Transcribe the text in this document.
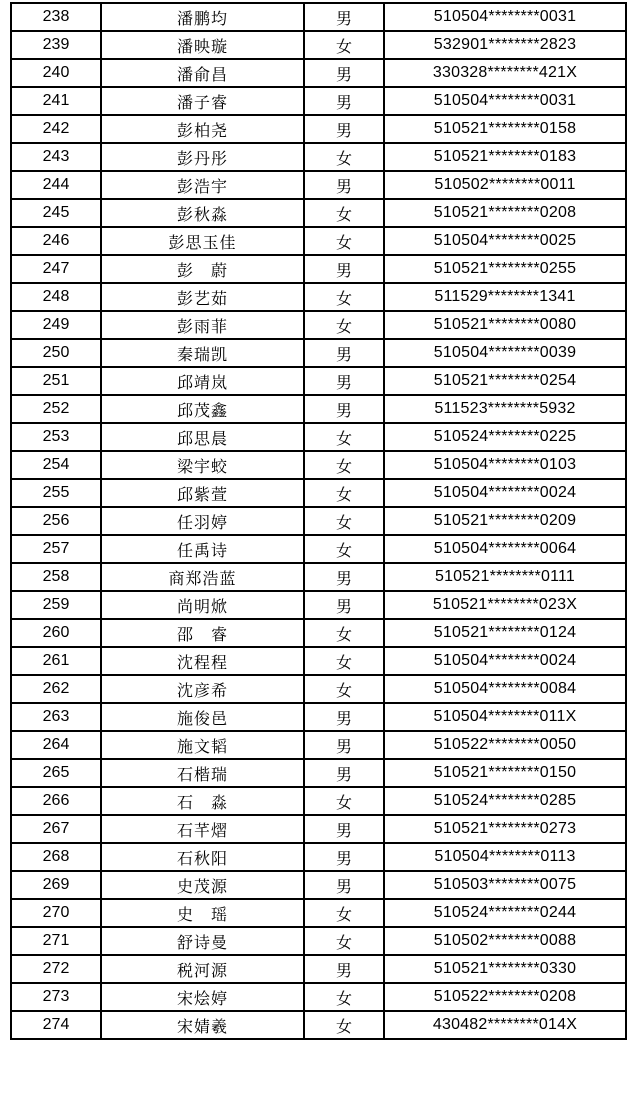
238	潘鹏均	男	510504********0031
239	潘映璇	女	532901********2823
240	潘俞昌	男	330328********421X
241	潘子睿	男	510504********0031
242	彭柏尧	男	510521********0158
243	彭丹彤	女	510521********0183
244	彭浩宇	男	510502********0011
245	彭秋淼	女	510521********0208
246	彭思玉佳	女	510504********0025
247	彭　蔚	男	510521********0255
248	彭艺茹	女	511529********1341
249	彭雨菲	女	510521********0080
250	秦瑞凯	男	510504********0039
251	邱靖岚	男	510521********0254
252	邱茂鑫	男	511523********5932
253	邱思晨	女	510524********0225
254	梁宇蛟	女	510504********0103
255	邱紫萱	女	510504********0024
256	任羽婷	女	510521********0209
257	任禹诗	女	510504********0064
258	商郑浩蓝	男	510521********0111
259	尚明焮	男	510521********023X
260	邵　睿	女	510521********0124
261	沈程程	女	510504********0024
262	沈彦希	女	510504********0084
263	施俊邑	男	510504********011X
264	施文韬	男	510522********0050
265	石楷瑞	男	510521********0150
266	石　淼	女	510524********0285
267	石芊熠	男	510521********0273
268	石秋阳	男	510504********0113
269	史茂源	男	510503********0075
270	史　瑶	女	510524********0244
271	舒诗曼	女	510502********0088
272	税河源	男	510521********0330
273	宋烩婷	女	510522********0208
274	宋婧羲	女	430482********014X
